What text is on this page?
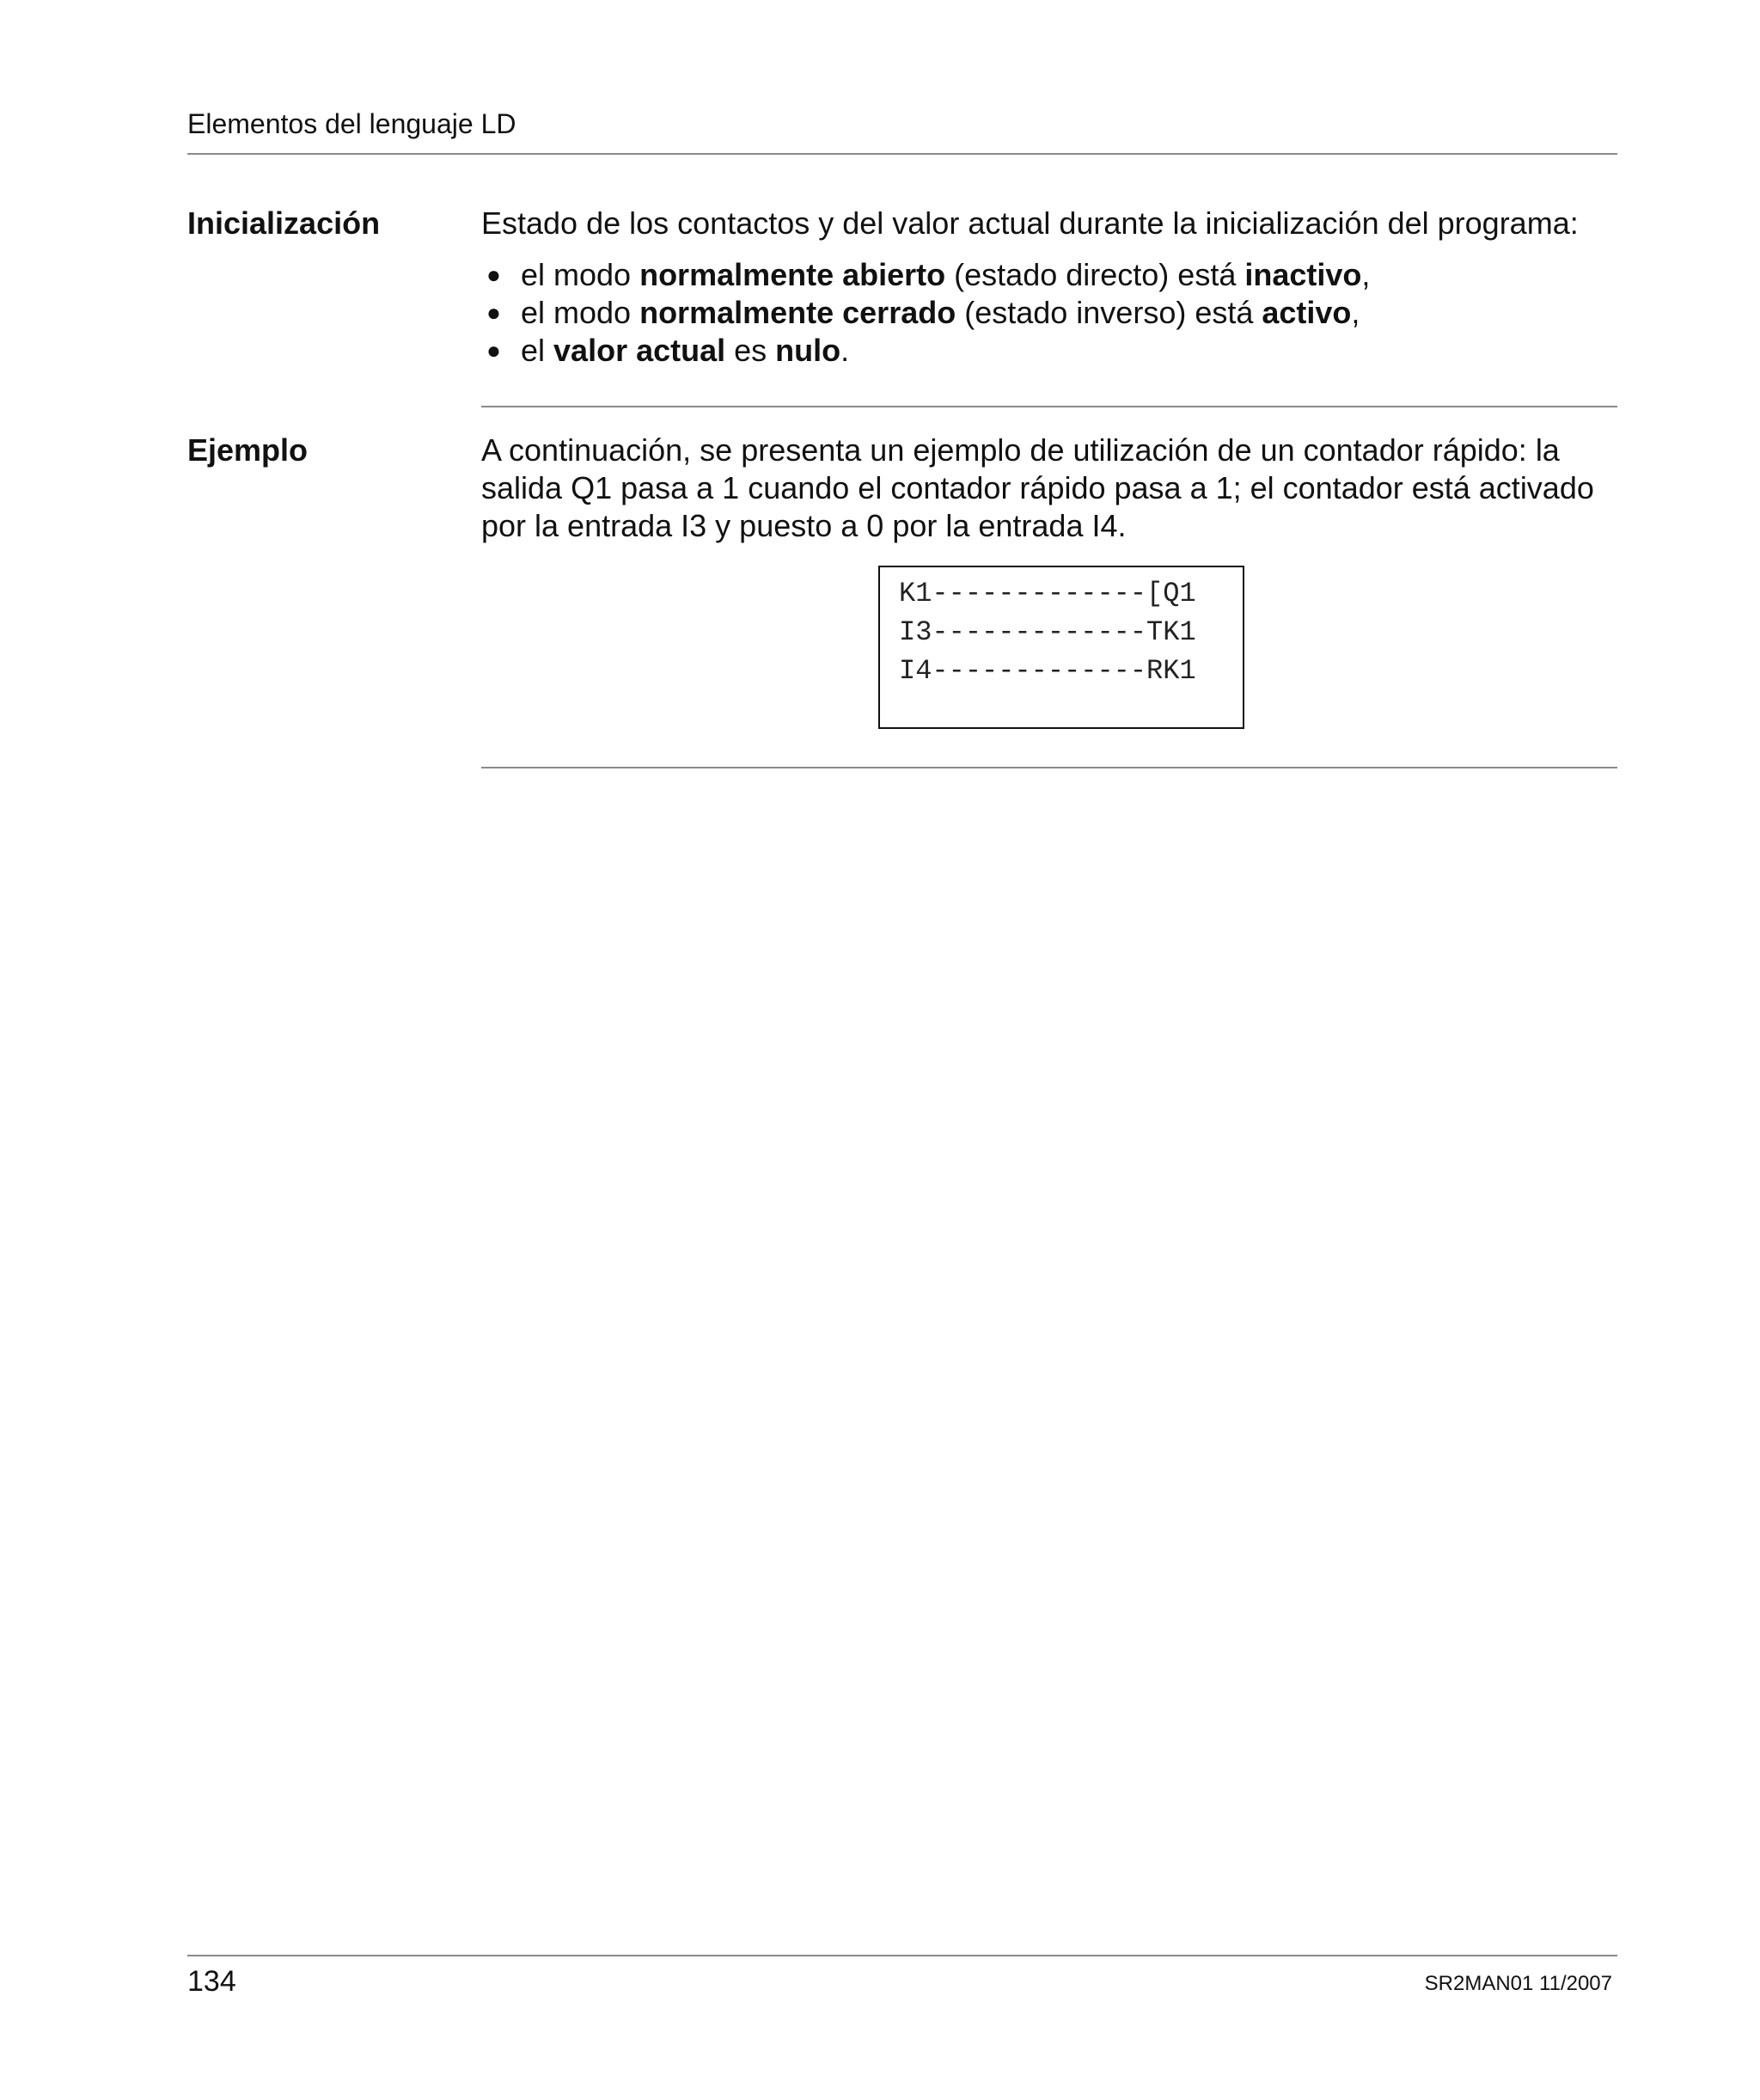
Elementos del lenguaje LD
Inicialización	Estado de los contactos y del valor actual durante la inicialización del programa:
● el modo normalmente abierto (estado directo) está inactivo,
● el modo normalmente cerrado (estado inverso) está activo,
● el valor actual es nulo.
Ejemplo	A continuación, se presenta un ejemplo de utilización de un contador rápido: la salida Q1 pasa a 1 cuando el contador rápido pasa a 1; el contador está activado por la entrada I3 y puesto a 0 por la entrada I4.
K1-------------[Q1
I3-------------TK1
I4-------------RK1
134	SR2MAN01 11/2007
